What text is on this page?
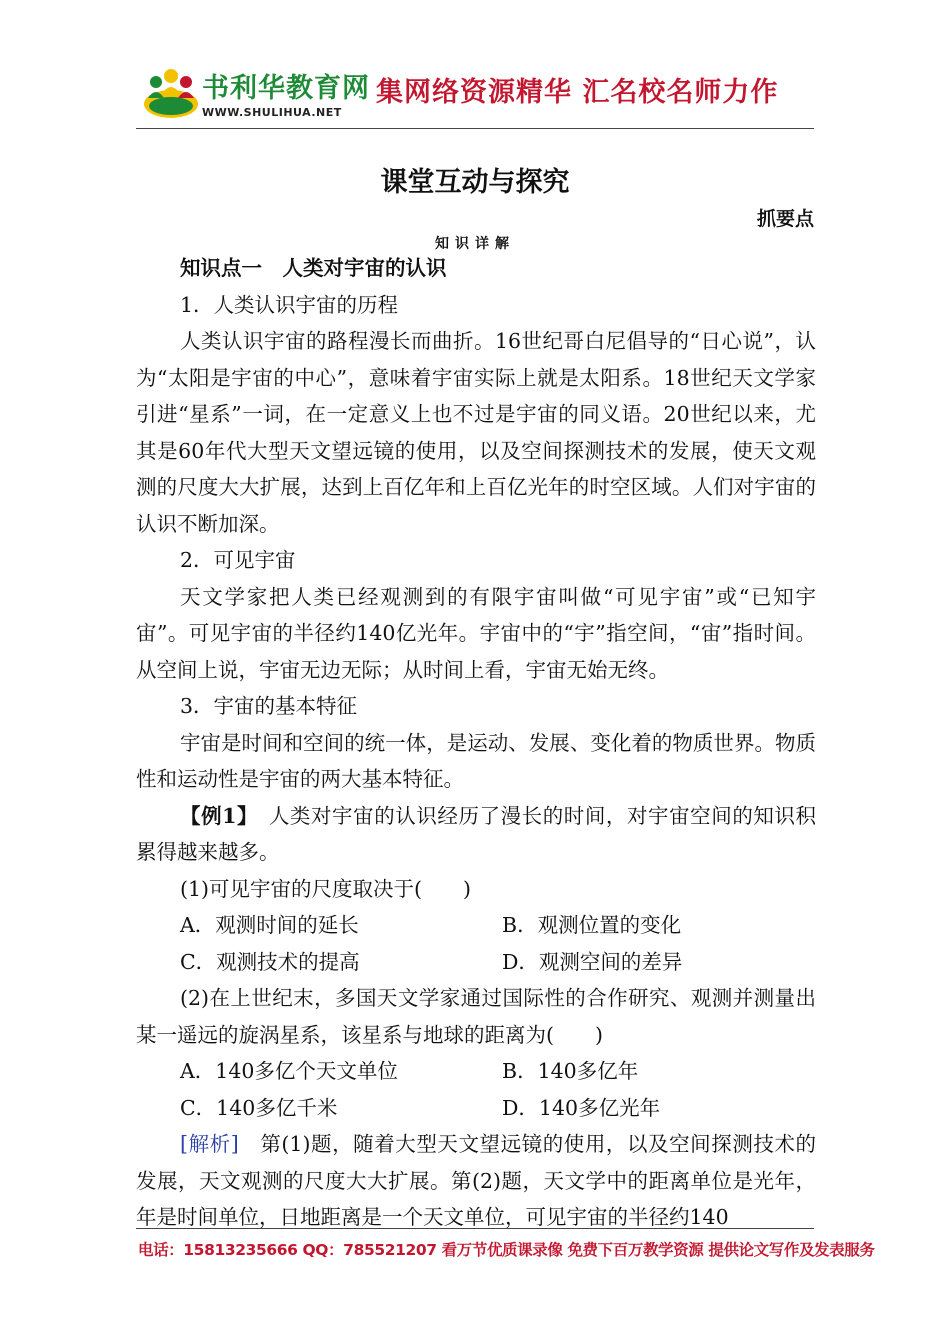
书利华教育网
WWW.SHULIHUA.NET
集网络资源精华 汇名校名师力作
课堂互动与探究
抓要点
知识详解

知识点一　人类对宇宙的认识

1．人类认识宇宙的历程

人类认识宇宙的路程漫长而曲折。16世纪哥白尼倡导的“日心说”，认为“太阳是宇宙的中心”，意味着宇宙实际上就是太阳系。18世纪天文学家引进“星系”一词，在一定意义上也不过是宇宙的同义语。20世纪以来，尤其是60年代大型天文望远镜的使用，以及空间探测技术的发展，使天文观测的尺度大大扩展，达到上百亿年和上百亿光年的时空区域。人们对宇宙的认识不断加深。

2．可见宇宙

天文学家把人类已经观测到的有限宇宙叫做“可见宇宙”或“已知宇宙”。可见宇宙的半径约140亿光年。宇宙中的“宇”指空间，“宙”指时间。从空间上说，宇宙无边无际；从时间上看，宇宙无始无终。

3．宇宙的基本特征

宇宙是时间和空间的统一体，是运动、发展、变化着的物质世界。物质性和运动性是宇宙的两大基本特征。

【例1】　 人类对宇宙的认识经历了漫长的时间，对宇宙空间的知识积累得越来越多。

(1)可见宇宙的尺度取决于(　　)

A．观测时间的延长	B．观测位置的变化
C．观测技术的提高	D．观测空间的差异

(2)在上世纪末，多国天文学家通过国际性的合作研究、观测并测量出某一遥远的旋涡星系，该星系与地球的距离为(　　)

A．140多亿个天文单位	B．140多亿年
C．140多亿千米	D．140多亿光年

[解析]　 第(1)题，随着大型天文望远镜的使用，以及空间探测技术的发展，天文观测的尺度大大扩展。第(2)题，天文学中的距离单位是光年，年是时间单位，日地距离是一个天文单位，可见宇宙的半径约140

电话：15813235666 QQ：785521207 看万节优质课录像 免费下百万教学资源 提供论文写作及发表服务
